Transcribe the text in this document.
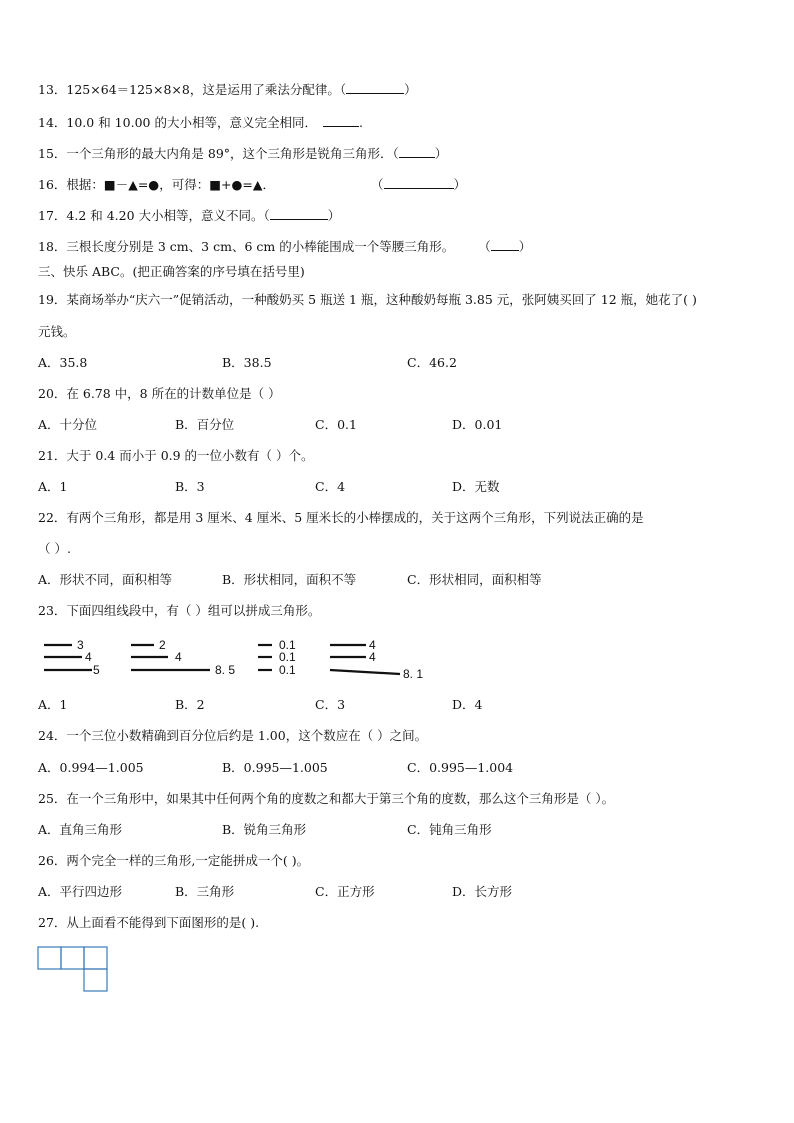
13．125×64＝125×8×8，这是运用了乘法分配律。（	）
14．10.0 和 10.00 的大小相等，意义完全相同．	.
15．一个三角形的最大内角是 89°，这个三角形是锐角三角形．（	）
16．根据：■－▲=●，可得：■+●=▲．	（	）
17．4.2 和 4.20 大小相等，意义不同。（	）
18．三根长度分别是 3 cm、3 cm、6 cm 的小棒能围成一个等腰三角形。 （ ）
三、快乐 ABC。(把正确答案的序号填在括号里)
19．某商场举办“庆六一”促销活动，一种酸奶买 5 瓶送 1 瓶，这种酸奶每瓶 3.85 元，张阿姨买回了 12 瓶，她花了( )
元钱。
A．35.8	B．38.5	C．46.2
20．在 6.78 中，8 所在的计数单位是（ ）
A．十分位	B．百分位	C．0.1	D．0.01
21．大于 0.4 而小于 0.9 的一位小数有（ ）个。
A．1	B．3	C．4	D．无数
22．有两个三角形，都是用 3 厘米、4 厘米、5 厘米长的小棒摆成的，关于这两个三角形，下列说法正确的是
（ ）.
A．形状不同，面积相等	B．形状相同，面积不等	C．形状相同，面积相等
23．下面四组线段中，有（ ）组可以拼成三角形。
3
4
5
2
4
8. 5
0.1
0.1
0.1
4
4
8. 1
A．1	B．2	C．3	D．4
24．一个三位小数精确到百分位后约是 1.00，这个数应在（ ）之间。
A．0.994—1.005	B．0.995—1.005	C．0.995—1.004
25．在一个三角形中，如果其中任何两个角的度数之和都大于第三个角的度数，那么这个三角形是（ ）。
A．直角三角形	B．锐角三角形	C．钝角三角形
26．两个完全一样的三角形,一定能拼成一个( )。
A．平行四边形	B．三角形	C．正方形	D．长方形
27．从上面看不能得到下面图形的是( ).
